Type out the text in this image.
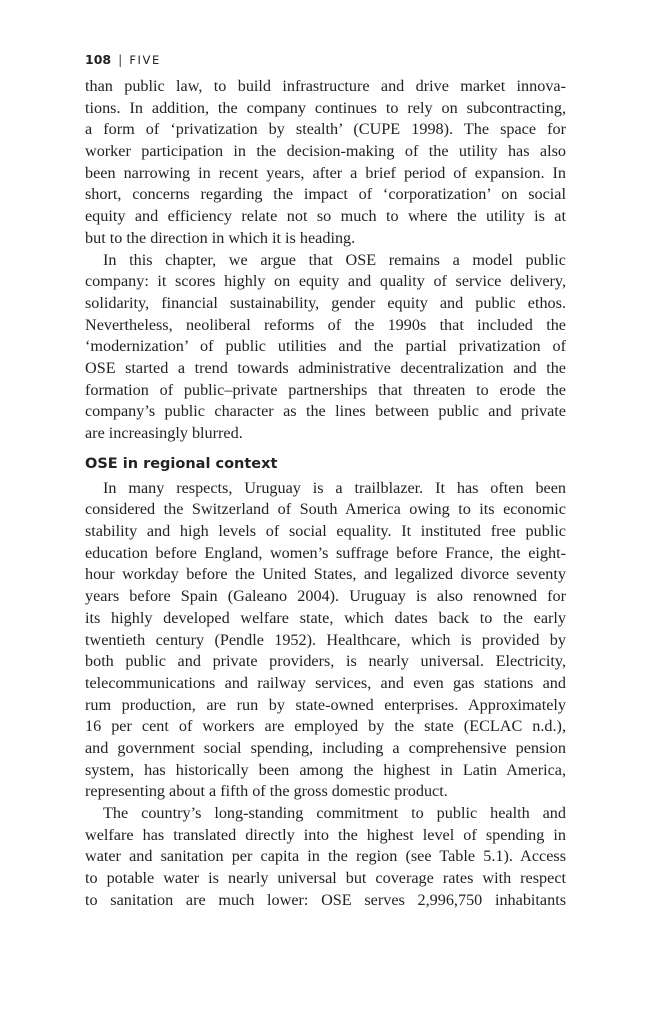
108 | FIVE
than public law, to build infrastructure and drive market innova-
tions. In addition, the company continues to rely on subcontracting,
a form of ‘privatization by stealth’ (CUPE 1998). The space for
worker participation in the decision-making of the utility has also
been narrowing in recent years, after a brief period of expansion. In
short, concerns regarding the impact of ‘corporatization’ on social
equity and efficiency relate not so much to where the utility is at
but to the direction in which it is heading.
In this chapter, we argue that OSE remains a model public
company: it scores highly on equity and quality of service delivery,
solidarity, financial sustainability, gender equity and public ethos.
Nevertheless, neoliberal reforms of the 1990s that included the
‘modernization’ of public utilities and the partial privatization of
OSE started a trend towards administrative decentralization and the
formation of public–private partnerships that threaten to erode the
company’s public character as the lines between public and private
are increasingly blurred.
OSE in regional context
In many respects, Uruguay is a trailblazer. It has often been
considered the Switzerland of South America owing to its economic
stability and high levels of social equality. It instituted free public
education before England, women’s suffrage before France, the eight-
hour workday before the United States, and legalized divorce seventy
years before Spain (Galeano 2004). Uruguay is also renowned for
its highly developed welfare state, which dates back to the early
twentieth century (Pendle 1952). Healthcare, which is provided by
both public and private providers, is nearly universal. Electricity,
telecommunications and railway services, and even gas stations and
rum production, are run by state-owned enterprises. Approximately
16 per cent of workers are employed by the state (ECLAC n.d.),
and government social spending, including a comprehensive pension
system, has historically been among the highest in Latin America,
representing about a fifth of the gross domestic product.
The country’s long-standing commitment to public health and
welfare has translated directly into the highest level of spending in
water and sanitation per capita in the region (see Table 5.1). Access
to potable water is nearly universal but coverage rates with respect
to sanitation are much lower: OSE serves 2,996,750 inhabitants
